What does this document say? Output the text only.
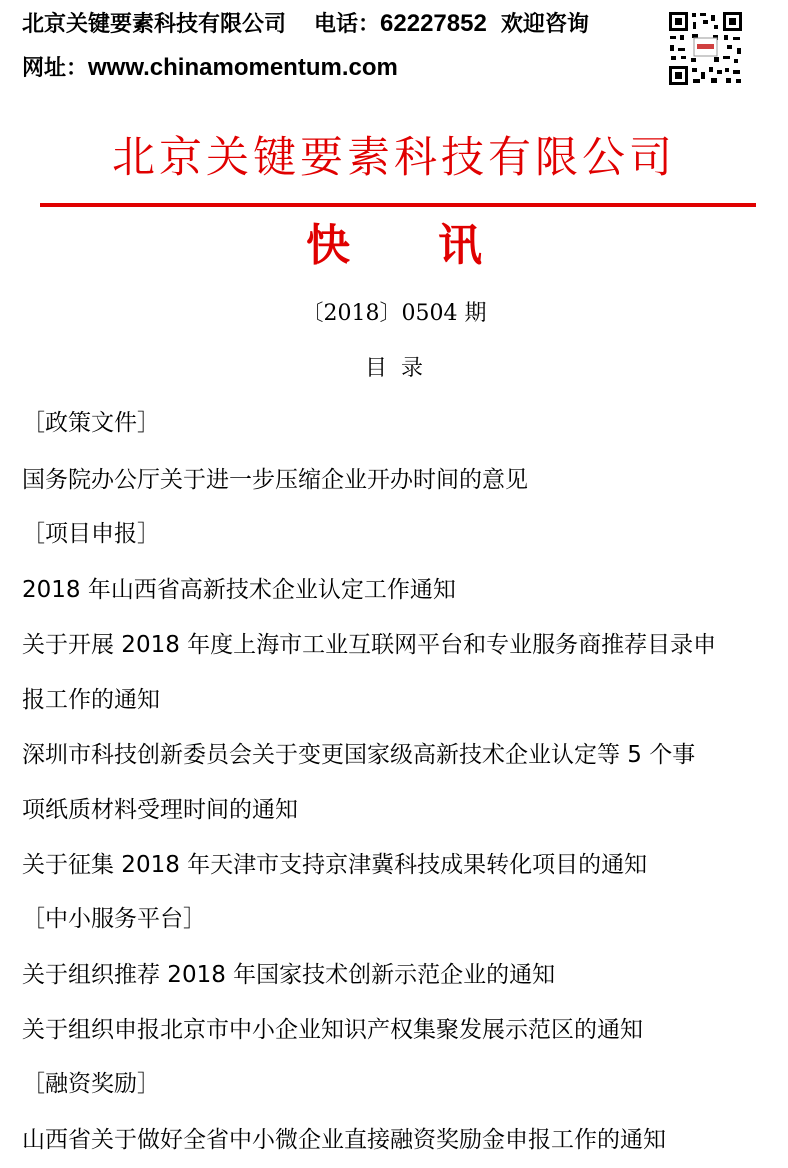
北京关键要素科技有限公司 电话：62227852 欢迎咨询
网址：www.chinamomentum.com
北京关键要素科技有限公司
快 讯
〔2018〕0504 期
目录
［政策文件］
国务院办公厅关于进一步压缩企业开办时间的意见
［项目申报］
2018 年山西省高新技术企业认定工作通知
关于开展 2018 年度上海市工业互联网平台和专业服务商推荐目录申
报工作的通知
深圳市科技创新委员会关于变更国家级高新技术企业认定等 5 个事
项纸质材料受理时间的通知
关于征集 2018 年天津市支持京津冀科技成果转化项目的通知
［中小服务平台］
关于组织推荐 2018 年国家技术创新示范企业的通知
关于组织申报北京市中小企业知识产权集聚发展示范区的通知
［融资奖励］
山西省关于做好全省中小微企业直接融资奖励金申报工作的通知
